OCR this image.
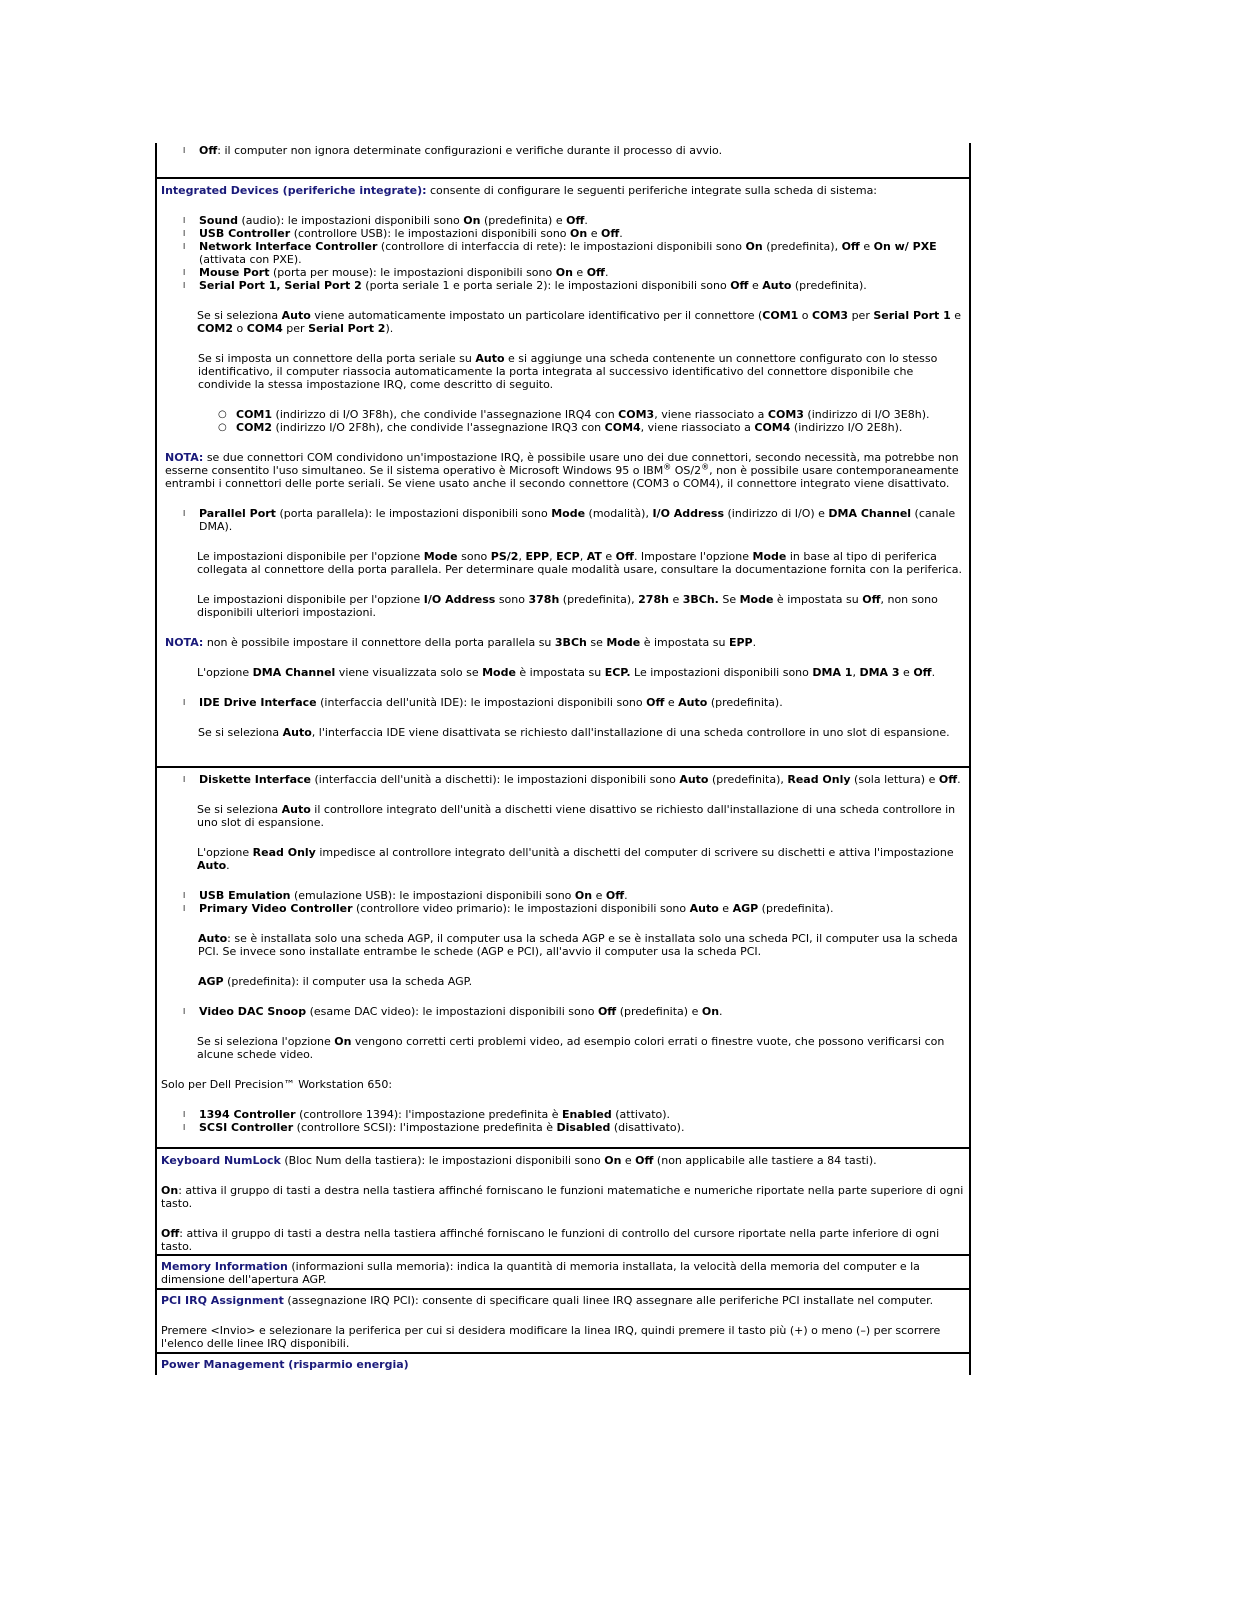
l Off: il computer non ignora determinate configurazioni e verifiche durante il processo di avvio.

Integrated Devices (periferiche integrate): consente di configurare le seguenti periferiche integrate sulla scheda di sistema:

l Sound (audio): le impostazioni disponibili sono On (predefinita) e Off.

l USB Controller (controllore USB): le impostazioni disponibili sono On e Off.

l Network Interface Controller (controllore di interfaccia di rete): le impostazioni disponibili sono On (predefinita), Off e On w/ PXE (attivata con PXE).

l Mouse Port (porta per mouse): le impostazioni disponibili sono On e Off.

l Serial Port 1, Serial Port 2 (porta seriale 1 e porta seriale 2): le impostazioni disponibili sono Off e Auto (predefinita).

Se si seleziona Auto viene automaticamente impostato un particolare identificativo per il connettore (COM1 o COM3 per Serial Port 1 e COM2 o COM4 per Serial Port 2).

Se si imposta un connettore della porta seriale su Auto e si aggiunge una scheda contenente un connettore configurato con lo stesso identificativo, il computer riassocia automaticamente la porta integrata al successivo identificativo del connettore disponibile che condivide la stessa impostazione IRQ, come descritto di seguito.

○ COM1 (indirizzo di I/O 3F8h), che condivide l'assegnazione IRQ4 con COM3, viene riassociato a COM3 (indirizzo di I/O 3E8h).

○ COM2 (indirizzo I/O 2F8h), che condivide l'assegnazione IRQ3 con COM4, viene riassociato a COM4 (indirizzo I/O 2E8h).

NOTA: se due connettori COM condividono un'impostazione IRQ, è possibile usare uno dei due connettori, secondo necessità, ma potrebbe non esserne consentito l'uso simultaneo. Se il sistema operativo è Microsoft Windows 95 o IBM® OS/2®, non è possibile usare contemporaneamente entrambi i connettori delle porte seriali. Se viene usato anche il secondo connettore (COM3 o COM4), il connettore integrato viene disattivato.

l Parallel Port (porta parallela): le impostazioni disponibili sono Mode (modalità), I/O Address (indirizzo di I/O) e DMA Channel (canale DMA).

Le impostazioni disponibile per l'opzione Mode sono PS/2, EPP, ECP, AT e Off. Impostare l'opzione Mode in base al tipo di periferica collegata al connettore della porta parallela. Per determinare quale modalità usare, consultare la documentazione fornita con la periferica.

Le impostazioni disponibile per l'opzione I/O Address sono 378h (predefinita), 278h e 3BCh. Se Mode è impostata su Off, non sono disponibili ulteriori impostazioni.

NOTA: non è possibile impostare il connettore della porta parallela su 3BCh se Mode è impostata su EPP.

L'opzione DMA Channel viene visualizzata solo se Mode è impostata su ECP. Le impostazioni disponibili sono DMA 1, DMA 3 e Off.

l IDE Drive Interface (interfaccia dell'unità IDE): le impostazioni disponibili sono Off e Auto (predefinita).

Se si seleziona Auto, l'interfaccia IDE viene disattivata se richiesto dall'installazione di una scheda controllore in uno slot di espansione.

l Diskette Interface (interfaccia dell'unità a dischetti): le impostazioni disponibili sono Auto (predefinita), Read Only (sola lettura) e Off.

Se si seleziona Auto il controllore integrato dell'unità a dischetti viene disattivo se richiesto dall'installazione di una scheda controllore in uno slot di espansione.

L'opzione Read Only impedisce al controllore integrato dell'unità a dischetti del computer di scrivere su dischetti e attiva l'impostazione Auto.

l USB Emulation (emulazione USB): le impostazioni disponibili sono On e Off.

l Primary Video Controller (controllore video primario): le impostazioni disponibili sono Auto e AGP (predefinita).

Auto: se è installata solo una scheda AGP, il computer usa la scheda AGP e se è installata solo una scheda PCI, il computer usa la scheda PCI. Se invece sono installate entrambe le schede (AGP e PCI), all'avvio il computer usa la scheda PCI.

AGP (predefinita): il computer usa la scheda AGP.

l Video DAC Snoop (esame DAC video): le impostazioni disponibili sono Off (predefinita) e On.

Se si seleziona l'opzione On vengono corretti certi problemi video, ad esempio colori errati o finestre vuote, che possono verificarsi con alcune schede video.

Solo per Dell Precision™ Workstation 650:

l 1394 Controller (controllore 1394): l'impostazione predefinita è Enabled (attivato).

l SCSI Controller (controllore SCSI): l'impostazione predefinita è Disabled (disattivato).

Keyboard NumLock (Bloc Num della tastiera): le impostazioni disponibili sono On e Off (non applicabile alle tastiere a 84 tasti).

On: attiva il gruppo di tasti a destra nella tastiera affinché forniscano le funzioni matematiche e numeriche riportate nella parte superiore di ogni tasto.

Off: attiva il gruppo di tasti a destra nella tastiera affinché forniscano le funzioni di controllo del cursore riportate nella parte inferiore di ogni tasto.

Memory Information (informazioni sulla memoria): indica la quantità di memoria installata, la velocità della memoria del computer e la dimensione dell'apertura AGP.

PCI IRQ Assignment (assegnazione IRQ PCI): consente di specificare quali linee IRQ assegnare alle periferiche PCI installate nel computer.

Premere <Invio> e selezionare la periferica per cui si desidera modificare la linea IRQ, quindi premere il tasto più (+) o meno (–) per scorrere l'elenco delle linee IRQ disponibili.

Power Management (risparmio energia)
